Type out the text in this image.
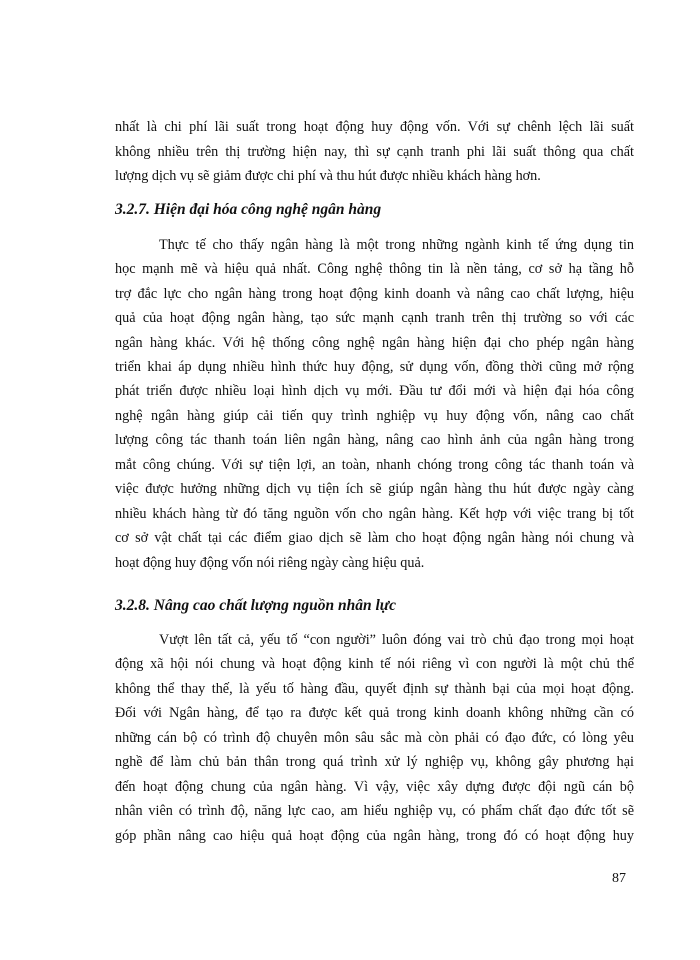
nhất là chi phí lãi suất trong hoạt động huy động vốn. Với sự chênh lệch lãi suất
không nhiều trên thị trường hiện nay, thì sự cạnh tranh phi lãi suất thông qua chất
lượng dịch vụ sẽ giảm được chi phí và thu hút được nhiều khách hàng hơn.
3.2.7. Hiện đại hóa công nghệ ngân hàng
Thực tế cho thấy ngân hàng là một trong những ngành kinh tế ứng dụng tin
học mạnh mẽ và hiệu quả nhất. Công nghệ thông tin là nền tảng, cơ sở hạ tầng hỗ
trợ đắc lực cho ngân hàng trong hoạt động kinh doanh và nâng cao chất lượng, hiệu
quả của hoạt động ngân hàng, tạo sức mạnh cạnh tranh trên thị trường so với các
ngân hàng khác. Với hệ thống công nghệ ngân hàng hiện đại cho phép ngân hàng
triển khai áp dụng nhiều hình thức huy động, sử dụng vốn, đồng thời cũng mở rộng
phát triển được nhiều loại hình dịch vụ mới. Đầu tư đổi mới và hiện đại hóa công
nghệ ngân hàng giúp cải tiến quy trình nghiệp vụ huy động vốn, nâng cao chất
lượng công tác thanh toán liên ngân hàng, nâng cao hình ảnh của ngân hàng trong
mắt công chúng. Với sự tiện lợi, an toàn, nhanh chóng trong công tác thanh toán và
việc được hưởng những dịch vụ tiện ích sẽ giúp ngân hàng thu hút được ngày càng
nhiều khách hàng từ đó tăng nguồn vốn cho ngân hàng. Kết hợp với việc trang bị tốt
cơ sở vật chất tại các điểm giao dịch sẽ làm cho hoạt động ngân hàng nói chung và
hoạt động huy động vốn nói riêng ngày càng hiệu quả.
3.2.8. Nâng cao chất lượng nguồn nhân lực
Vượt lên tất cả, yếu tố “con người” luôn đóng vai trò chủ đạo trong mọi hoạt
động xã hội nói chung và hoạt động kinh tế nói riêng vì con người là một chủ thể
không thể thay thế, là yếu tố hàng đầu, quyết định sự thành bại của mọi hoạt động.
Đối với Ngân hàng, để tạo ra được kết quả trong kinh doanh không những cần có
những cán bộ có trình độ chuyên môn sâu sắc mà còn phải có đạo đức, có lòng yêu
nghề để làm chủ bản thân trong quá trình xử lý nghiệp vụ, không gây phương hại
đến hoạt động chung của ngân hàng. Vì vậy, việc xây dựng được đội ngũ cán bộ
nhân viên có trình độ, năng lực cao, am hiểu nghiệp vụ, có phẩm chất đạo đức tốt sẽ
góp phần nâng cao hiệu quả hoạt động của ngân hàng, trong đó có hoạt động huy
87
